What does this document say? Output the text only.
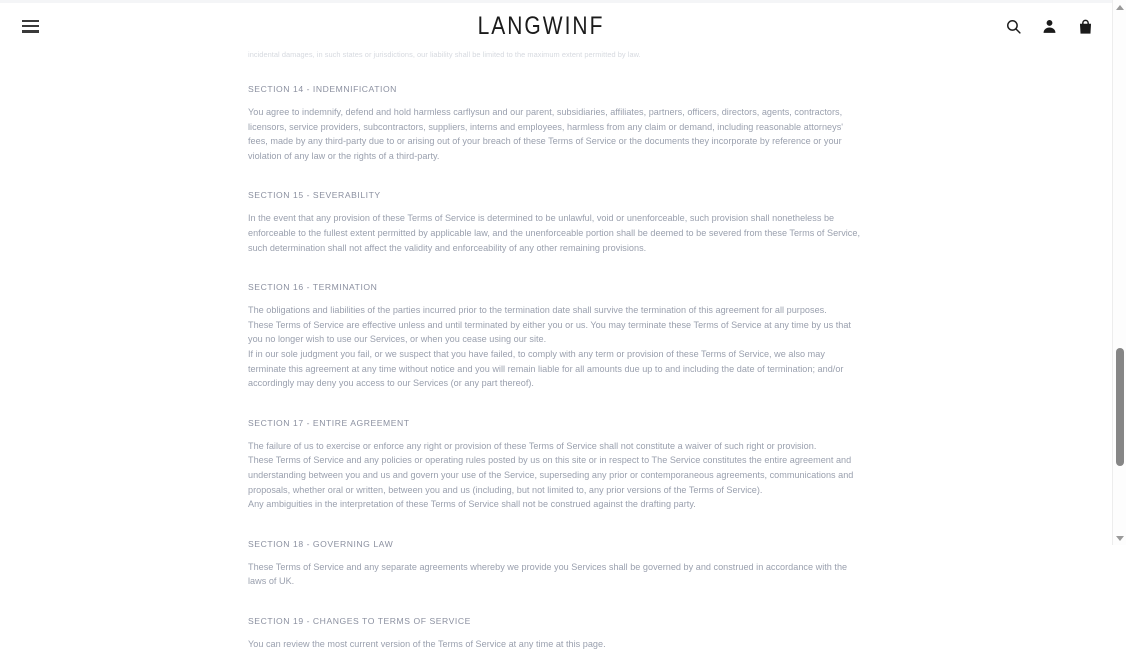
LANGWINF

incidental damages, in such states or jurisdictions, our liability shall be limited to the maximum extent permitted by law.

SECTION 14 - INDEMNIFICATION

You agree to indemnify, defend and hold harmless carflysun and our parent, subsidiaries, affiliates, partners, officers, directors, agents, contractors, licensors, service providers, subcontractors, suppliers, interns and employees, harmless from any claim or demand, including reasonable attorneys' fees, made by any third-party due to or arising out of your breach of these Terms of Service or the documents they incorporate by reference or your violation of any law or the rights of a third-party.

SECTION 15 - SEVERABILITY

In the event that any provision of these Terms of Service is determined to be unlawful, void or unenforceable, such provision shall nonetheless be enforceable to the fullest extent permitted by applicable law, and the unenforceable portion shall be deemed to be severed from these Terms of Service, such determination shall not affect the validity and enforceability of any other remaining provisions.

SECTION 16 - TERMINATION

The obligations and liabilities of the parties incurred prior to the termination date shall survive the termination of this agreement for all purposes.

These Terms of Service are effective unless and until terminated by either you or us. You may terminate these Terms of Service at any time by us that you no longer wish to use our Services, or when you cease using our site.

If in our sole judgment you fail, or we suspect that you have failed, to comply with any term or provision of these Terms of Service, we also may terminate this agreement at any time without notice and you will remain liable for all amounts due up to and including the date of termination; and/or accordingly may deny you access to our Services (or any part thereof).

SECTION 17 - ENTIRE AGREEMENT

The failure of us to exercise or enforce any right or provision of these Terms of Service shall not constitute a waiver of such right or provision.

These Terms of Service and any policies or operating rules posted by us on this site or in respect to The Service constitutes the entire agreement and understanding between you and us and govern your use of the Service, superseding any prior or contemporaneous agreements, communications and proposals, whether oral or written, between you and us (including, but not limited to, any prior versions of the Terms of Service).

Any ambiguities in the interpretation of these Terms of Service shall not be construed against the drafting party.

SECTION 18 - GOVERNING LAW

These Terms of Service and any separate agreements whereby we provide you Services shall be governed by and construed in accordance with the laws of UK.

SECTION 19 - CHANGES TO TERMS OF SERVICE

You can review the most current version of the Terms of Service at any time at this page.
